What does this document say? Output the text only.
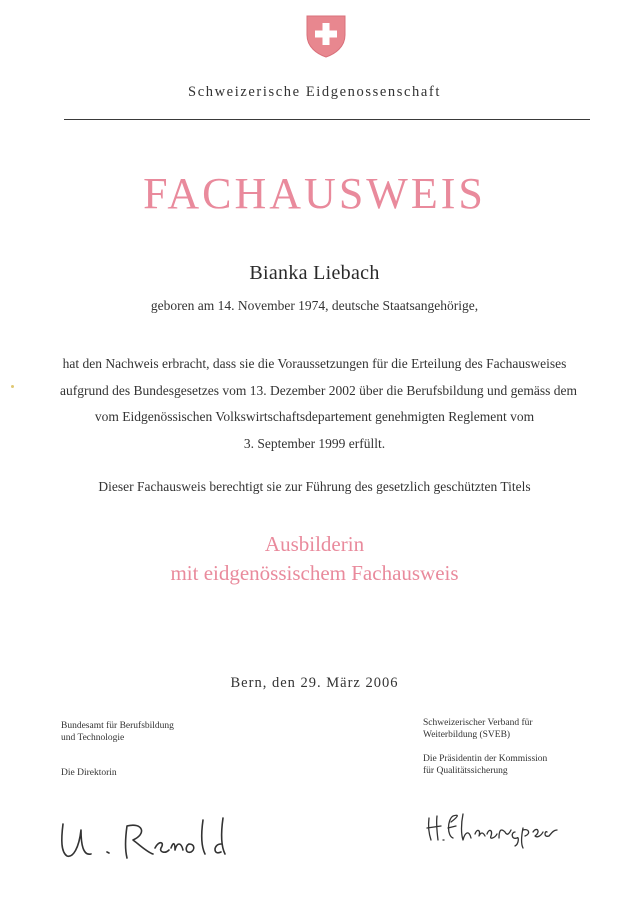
Schweizerische Eidgenossenschaft
FACHAUSWEIS
Bianka Liebach
geboren am 14. November 1974, deutsche Staatsangehörige,
hat den Nachweis erbracht, dass sie die Voraussetzungen für die Erteilung des Fachausweises
aufgrund des Bundesgesetzes vom 13. Dezember 2002 über die Berufsbildung und gemäss dem
vom Eidgenössischen Volkswirtschaftsdepartement genehmigten Reglement vom
3. September 1999 erfüllt.
Dieser Fachausweis berechtigt sie zur Führung des gesetzlich geschützten Titels
Ausbilderin
mit eidgenössischem Fachausweis
Bern, den 29. März 2006
Bundesamt für Berufsbildung
und Technologie
Die Direktorin
Schweizerischer Verband für
Weiterbildung (SVEB)
Die Präsidentin der Kommission
für Qualitätssicherung
